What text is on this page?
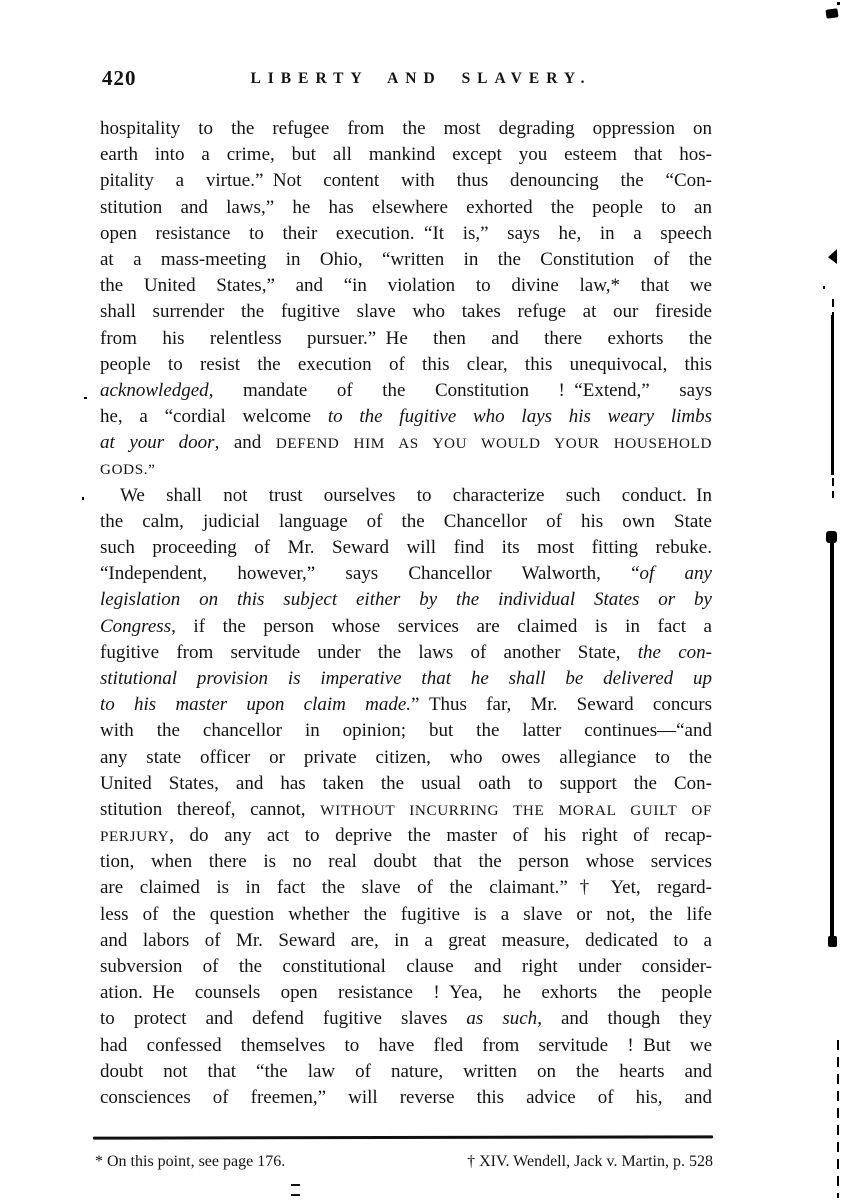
420	LIBERTY AND SLAVERY.
hospitality to the refugee from the most degrading oppression on
earth into a crime, but all mankind except you esteem that hos-
pitality a virtue.” Not content with thus denouncing the “Con-
stitution and laws,” he has elsewhere exhorted the people to an
open resistance to their execution. “It is,” says he, in a speech
at a mass-meeting in Ohio, “written in the Constitution of the
the United States,” and “in violation to divine law,* that we
shall surrender the fugitive slave who takes refuge at our fireside
from his relentless pursuer.” He then and there exhorts the
people to resist the execution of this clear, this unequivocal, this
acknowledged, mandate of the Constitution ! “Extend,” says
he, a “cordial welcome to the fugitive who lays his weary limbs
at your door, and DEFEND HIM AS YOU WOULD YOUR HOUSEHOLD
GODS.”
We shall not trust ourselves to characterize such conduct. In
the calm, judicial language of the Chancellor of his own State
such proceeding of Mr. Seward will find its most fitting rebuke.
“Independent, however,” says Chancellor Walworth, “of any
legislation on this subject either by the individual States or by
Congress, if the person whose services are claimed is in fact a
fugitive from servitude under the laws of another State, the con-
stitutional provision is imperative that he shall be delivered up
to his master upon claim made.” Thus far, Mr. Seward concurs
with the chancellor in opinion; but the latter continues—“and
any state officer or private citizen, who owes allegiance to the
United States, and has taken the usual oath to support the Con-
stitution thereof, cannot, WITHOUT INCURRING THE MORAL GUILT OF
PERJURY, do any act to deprive the master of his right of recap-
tion, when there is no real doubt that the person whose services
are claimed is in fact the slave of the claimant.”† Yet, regard-
less of the question whether the fugitive is a slave or not, the life
and labors of Mr. Seward are, in a great measure, dedicated to a
subversion of the constitutional clause and right under consider-
ation. He counsels open resistance ! Yea, he exhorts the people
to protect and defend fugitive slaves as such, and though they
had confessed themselves to have fled from servitude ! But we
doubt not that “the law of nature, written on the hearts and
consciences of freemen,” will reverse this advice of his, and
* On this point, see page 176.	† XIV. Wendell, Jack v. Martin, p. 528
